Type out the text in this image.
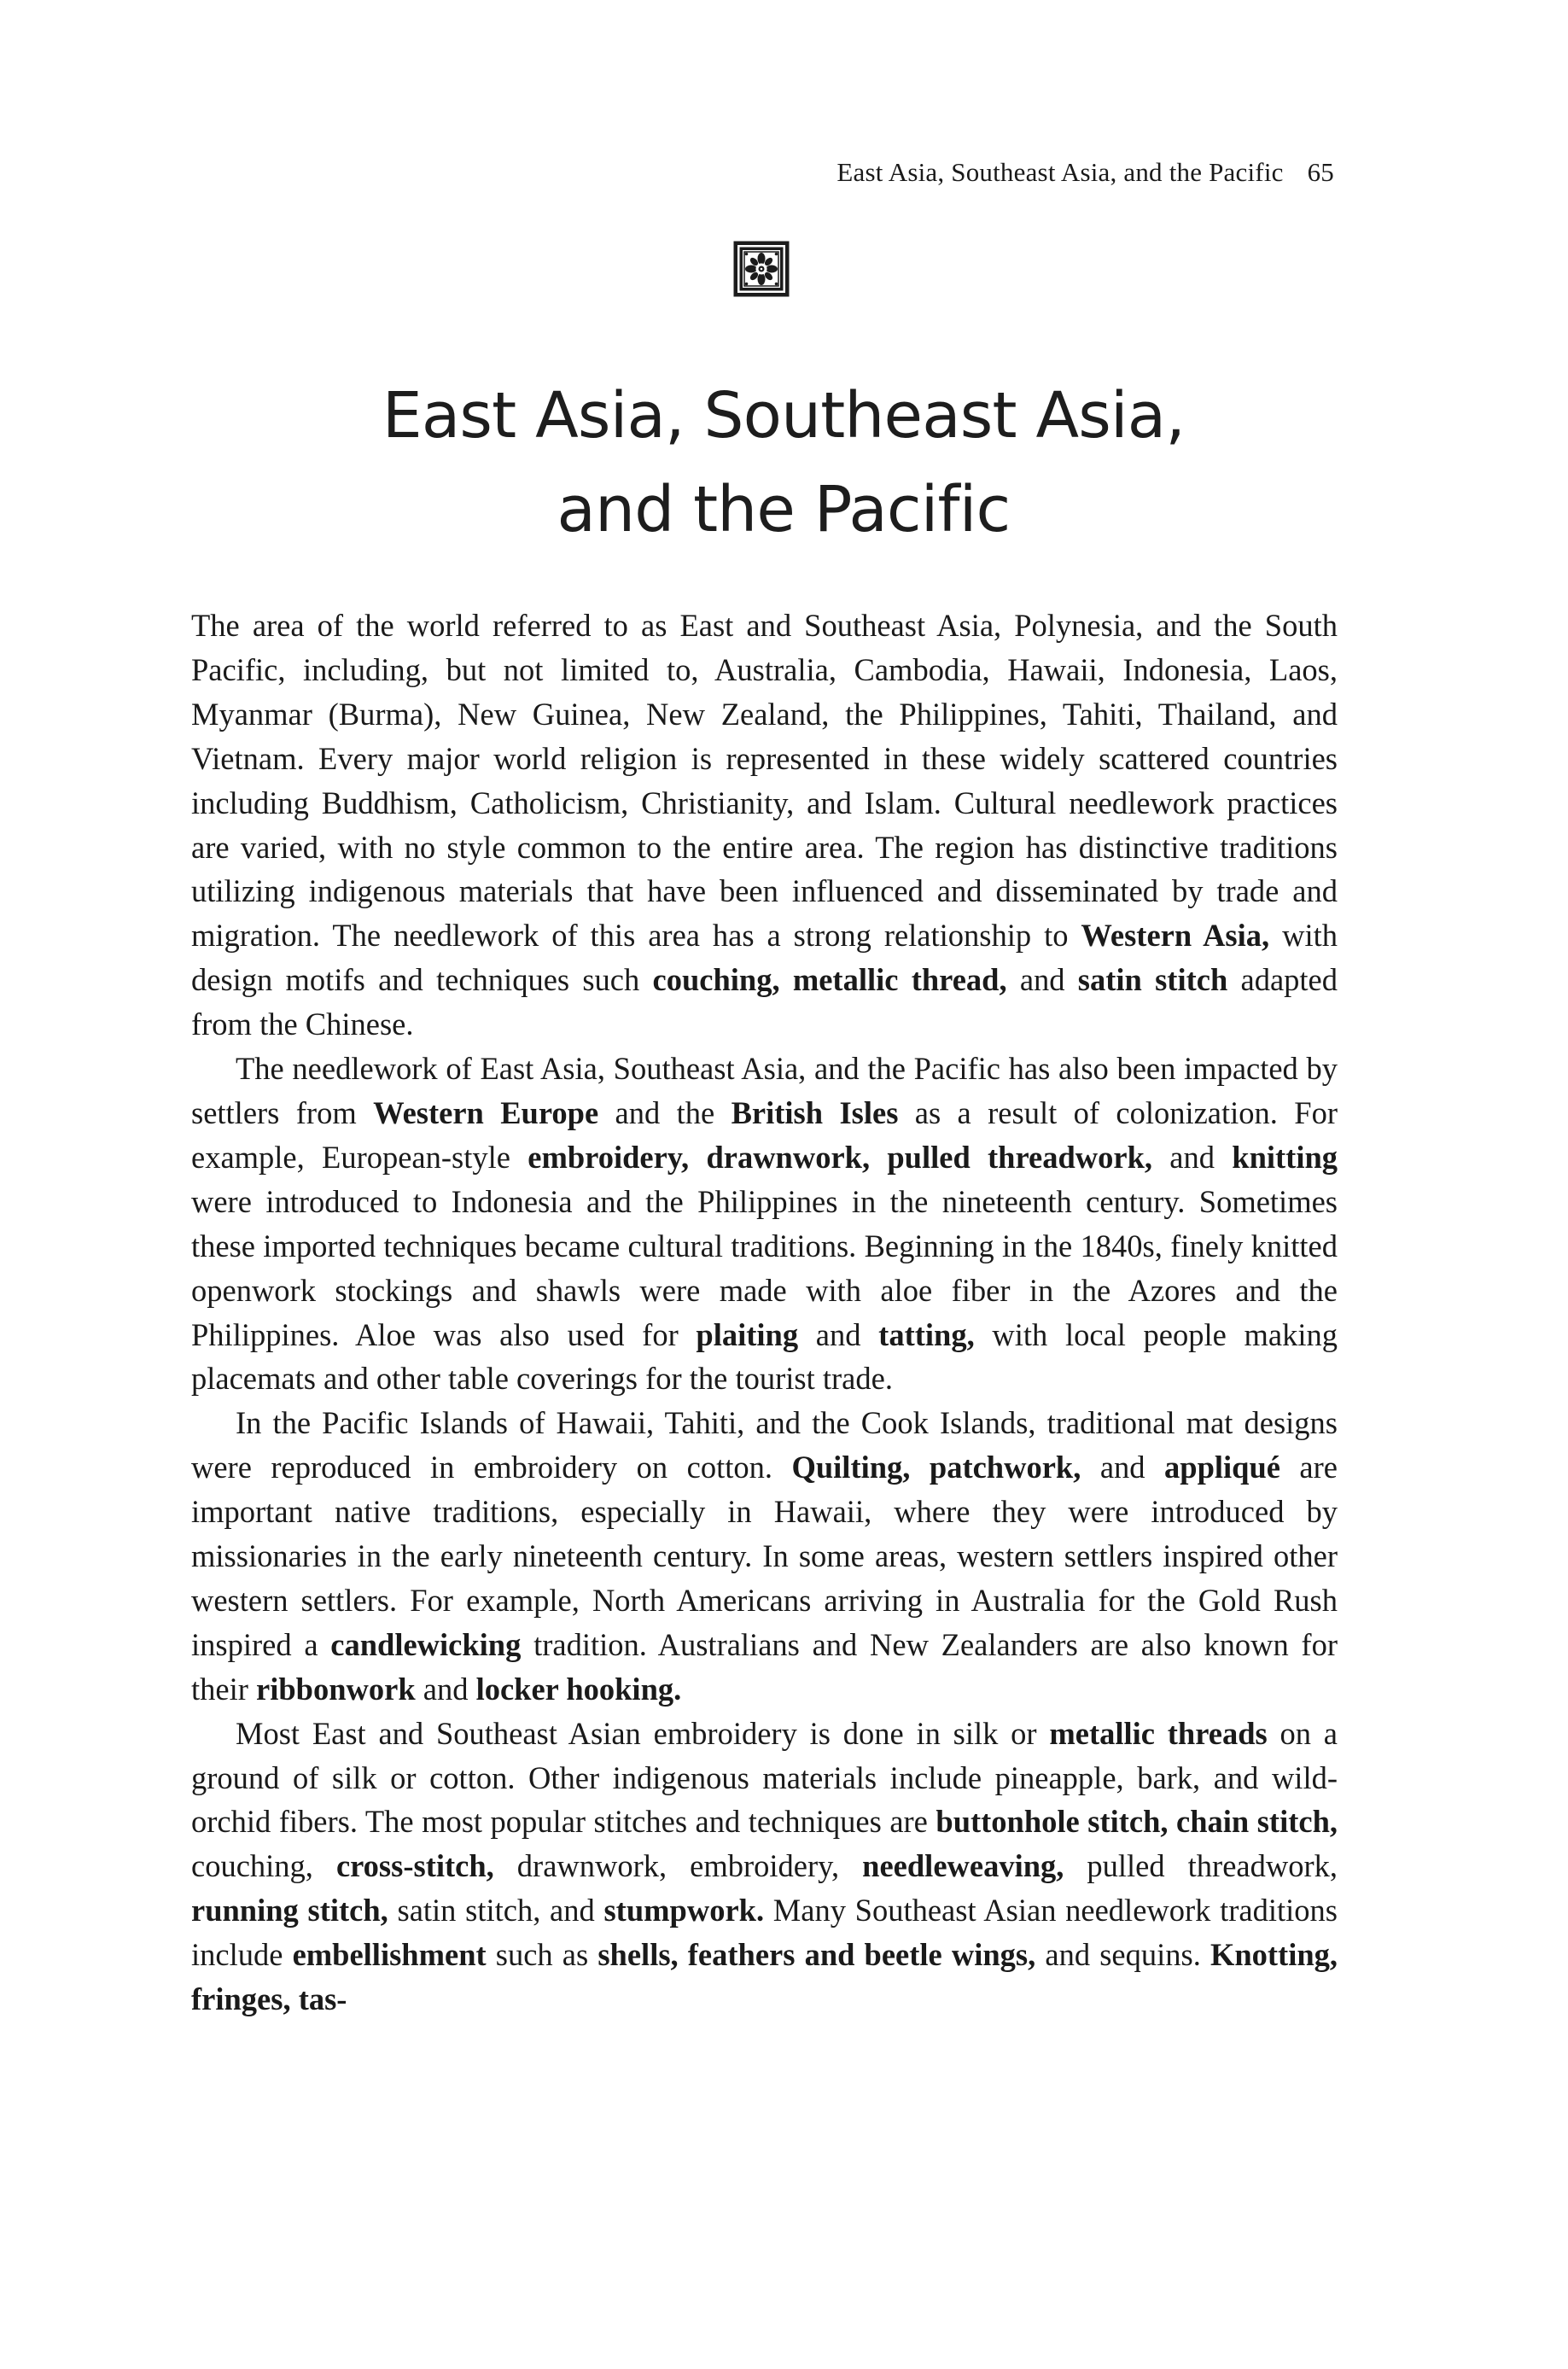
East Asia, Southeast Asia, and the Pacific 65
East Asia, Southeast Asia,
and the Pacific

The area of the world referred to as East and Southeast Asia, Polynesia, and the South Pacific, including, but not limited to, Australia, Cambodia, Hawaii, Indonesia, Laos, Myanmar (Burma), New Guinea, New Zealand, the Philippines, Tahiti, Thailand, and Vietnam. Every major world religion is represented in these widely scattered countries including Buddhism, Catholicism, Christianity, and Islam. Cultural needlework practices are varied, with no style common to the entire area. The region has distinctive traditions utilizing indigenous materials that have been influenced and disseminated by trade and migration. The needlework of this area has a strong relationship to Western Asia, with design motifs and techniques such couching, metallic thread, and satin stitch adapted from the Chinese.

The needlework of East Asia, Southeast Asia, and the Pacific has also been impacted by settlers from Western Europe and the British Isles as a result of colonization. For example, European-style embroidery, drawnwork, pulled threadwork, and knitting were introduced to Indonesia and the Philippines in the nineteenth century. Sometimes these imported techniques became cultural traditions. Beginning in the 1840s, finely knitted openwork stockings and shawls were made with aloe fiber in the Azores and the Philippines. Aloe was also used for plaiting and tatting, with local people making placemats and other table coverings for the tourist trade.

In the Pacific Islands of Hawaii, Tahiti, and the Cook Islands, traditional mat designs were reproduced in embroidery on cotton. Quilting, patchwork, and appliqué are important native traditions, especially in Hawaii, where they were introduced by missionaries in the early nineteenth century. In some areas, western settlers inspired other western settlers. For example, North Americans arriving in Australia for the Gold Rush inspired a candlewicking tradition. Australians and New Zealanders are also known for their ribbonwork and locker hooking.

Most East and Southeast Asian embroidery is done in silk or metallic threads on a ground of silk or cotton. Other indigenous materials include pineapple, bark, and wild-orchid fibers. The most popular stitches and techniques are buttonhole stitch, chain stitch, couching, cross-stitch, drawnwork, embroidery, needleweaving, pulled threadwork, running stitch, satin stitch, and stumpwork. Many Southeast Asian needlework traditions include embellishment such as shells, feathers and beetle wings, and sequins. Knotting, fringes, tas-
